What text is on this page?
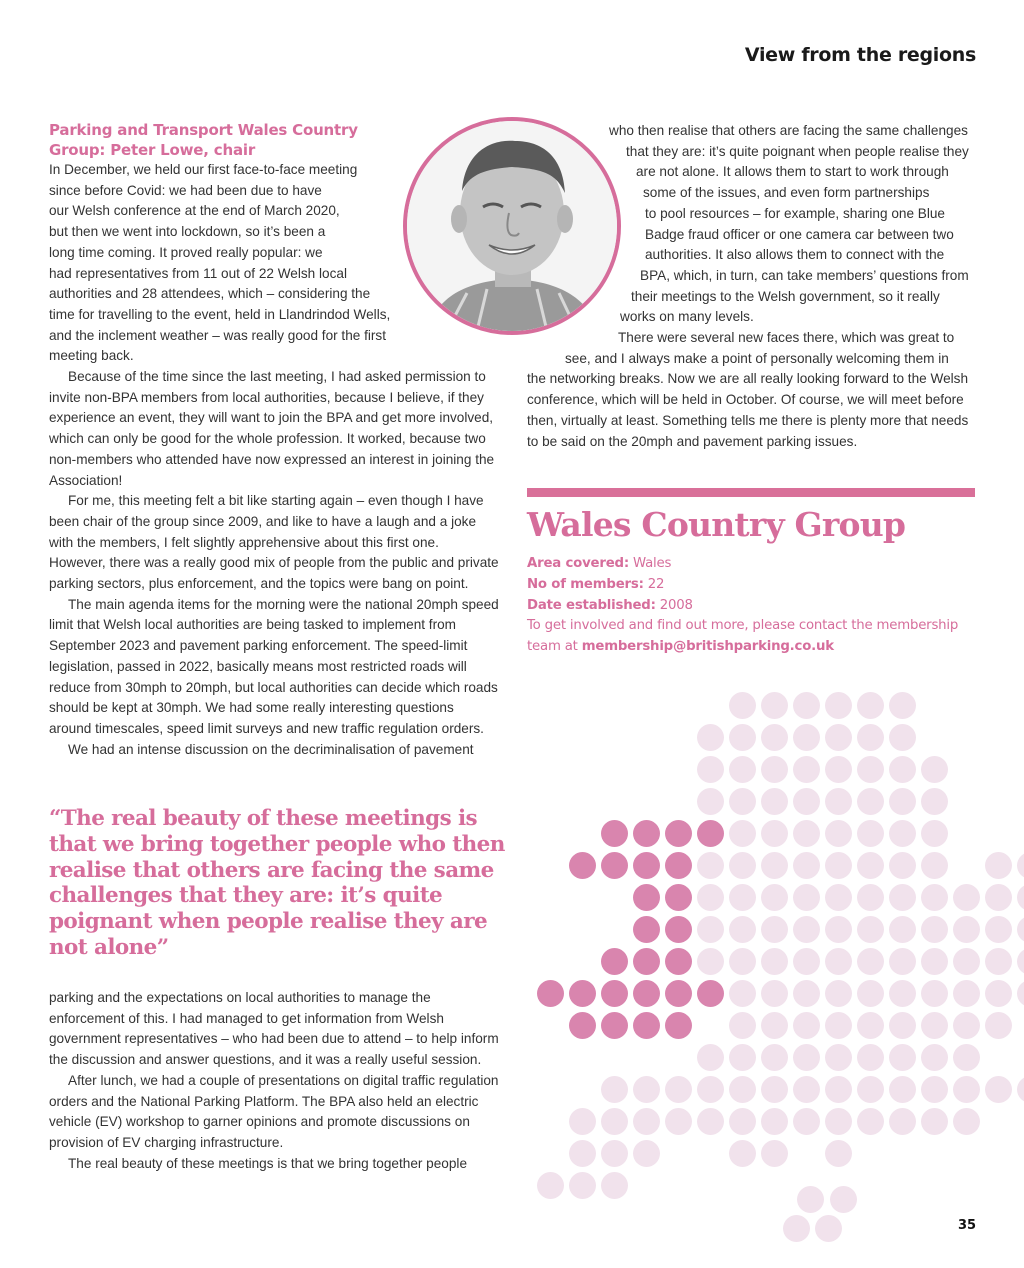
View from the regions
Parking and Transport Wales Country
Group: Peter Lowe, chair
In December, we held our first face-to-face meeting
since before Covid: we had been due to have
our Welsh conference at the end of March 2020,
but then we went into lockdown, so it’s been a
long time coming. It proved really popular: we
had representatives from 11 out of 22 Welsh local
authorities and 28 attendees, which – considering the
time for travelling to the event, held in Llandrindod Wells,
and the inclement weather – was really good for the first
meeting back.

Because of the time since the last meeting, I had asked permission to invite non-BPA members from local authorities, because I believe, if they experience an event, they will want to join the BPA and get more involved, which can only be good for the whole profession. It worked, because two non-members who attended have now expressed an interest in joining the Association!

For me, this meeting felt a bit like starting again – even though I have been chair of the group since 2009, and like to have a laugh and a joke with the members, I felt slightly apprehensive about this first one. However, there was a really good mix of people from the public and private parking sectors, plus enforcement, and the topics were bang on point.

The main agenda items for the morning were the national 20mph speed limit that Welsh local authorities are being tasked to implement from September 2023 and pavement parking enforcement. The speed-limit legislation, passed in 2022, basically means most restricted roads will reduce from 30mph to 20mph, but local authorities can decide which roads should be kept at 30mph. We had some really interesting questions around timescales, speed limit surveys and new traffic regulation orders.

We had an intense discussion on the decriminalisation of pavement

who then realise that others are facing the same challenges
that they are: it’s quite poignant when people realise they
are not alone. It allows them to start to work through
some of the issues, and even form partnerships
to pool resources – for example, sharing one Blue
Badge fraud officer or one camera car between two
authorities. It also allows them to connect with the
BPA, which, in turn, can take members’ questions from
their meetings to the Welsh government, so it really
works on many levels.
There were several new faces there, which was great to
see, and I always make a point of personally welcoming them in
the networking breaks. Now we are all really looking forward to the Welsh
conference, which will be held in October. Of course, we will meet before
then, virtually at least. Something tells me there is plenty more that needs
to be said on the 20mph and pavement parking issues.
“The real beauty of these meetings is that we bring together people who then realise that others are facing the same challenges that they are: it’s quite poignant when people realise they are not alone”

parking and the expectations on local authorities to manage the enforcement of this. I had managed to get information from Welsh government representatives – who had been due to attend – to help inform the discussion and answer questions, and it was a really useful session.

After lunch, we had a couple of presentations on digital traffic regulation orders and the National Parking Platform. The BPA also held an electric vehicle (EV) workshop to garner opinions and promote discussions on provision of EV charging infrastructure.

The real beauty of these meetings is that we bring together people

Wales Country Group
Area covered: Wales
No of members: 22
Date established: 2008
To get involved and find out more, please contact the membership
team at membership@britishparking.co.uk
35
